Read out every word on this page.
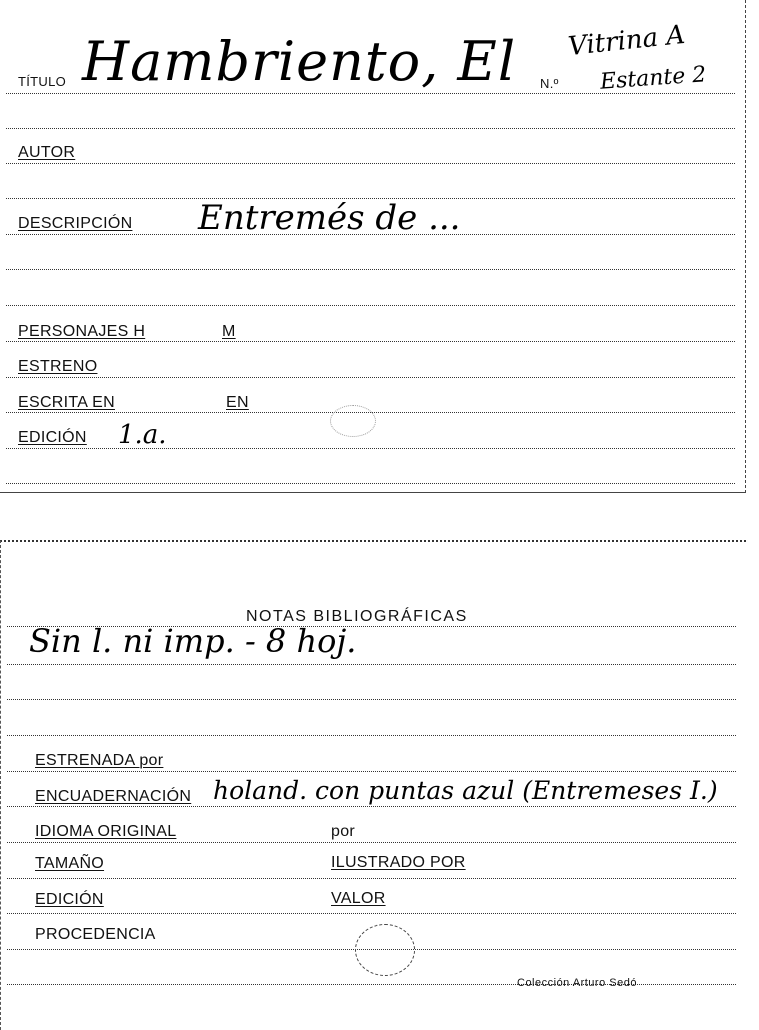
TÍTULO Hambriento, El N.º
Vitrina A
Estante 2
AUTOR
DESCRIPCIÓN Entremés de ...
PERSONAJES H	M
ESTRENO
ESCRITA EN	EN
EDICIÓN 1.a.
NOTAS BIBLIOGRÁFICAS
Sin l. ni imp. - 8 hoj.
ESTRENADA por
ENCUADERNACIÓN holand. con puntas azul (Entremeses I.)
IDIOMA ORIGINAL	por
TAMAÑO	ILUSTRADO POR
EDICIÓN	VALOR
PROCEDENCIA
Colección Arturo Sedó
